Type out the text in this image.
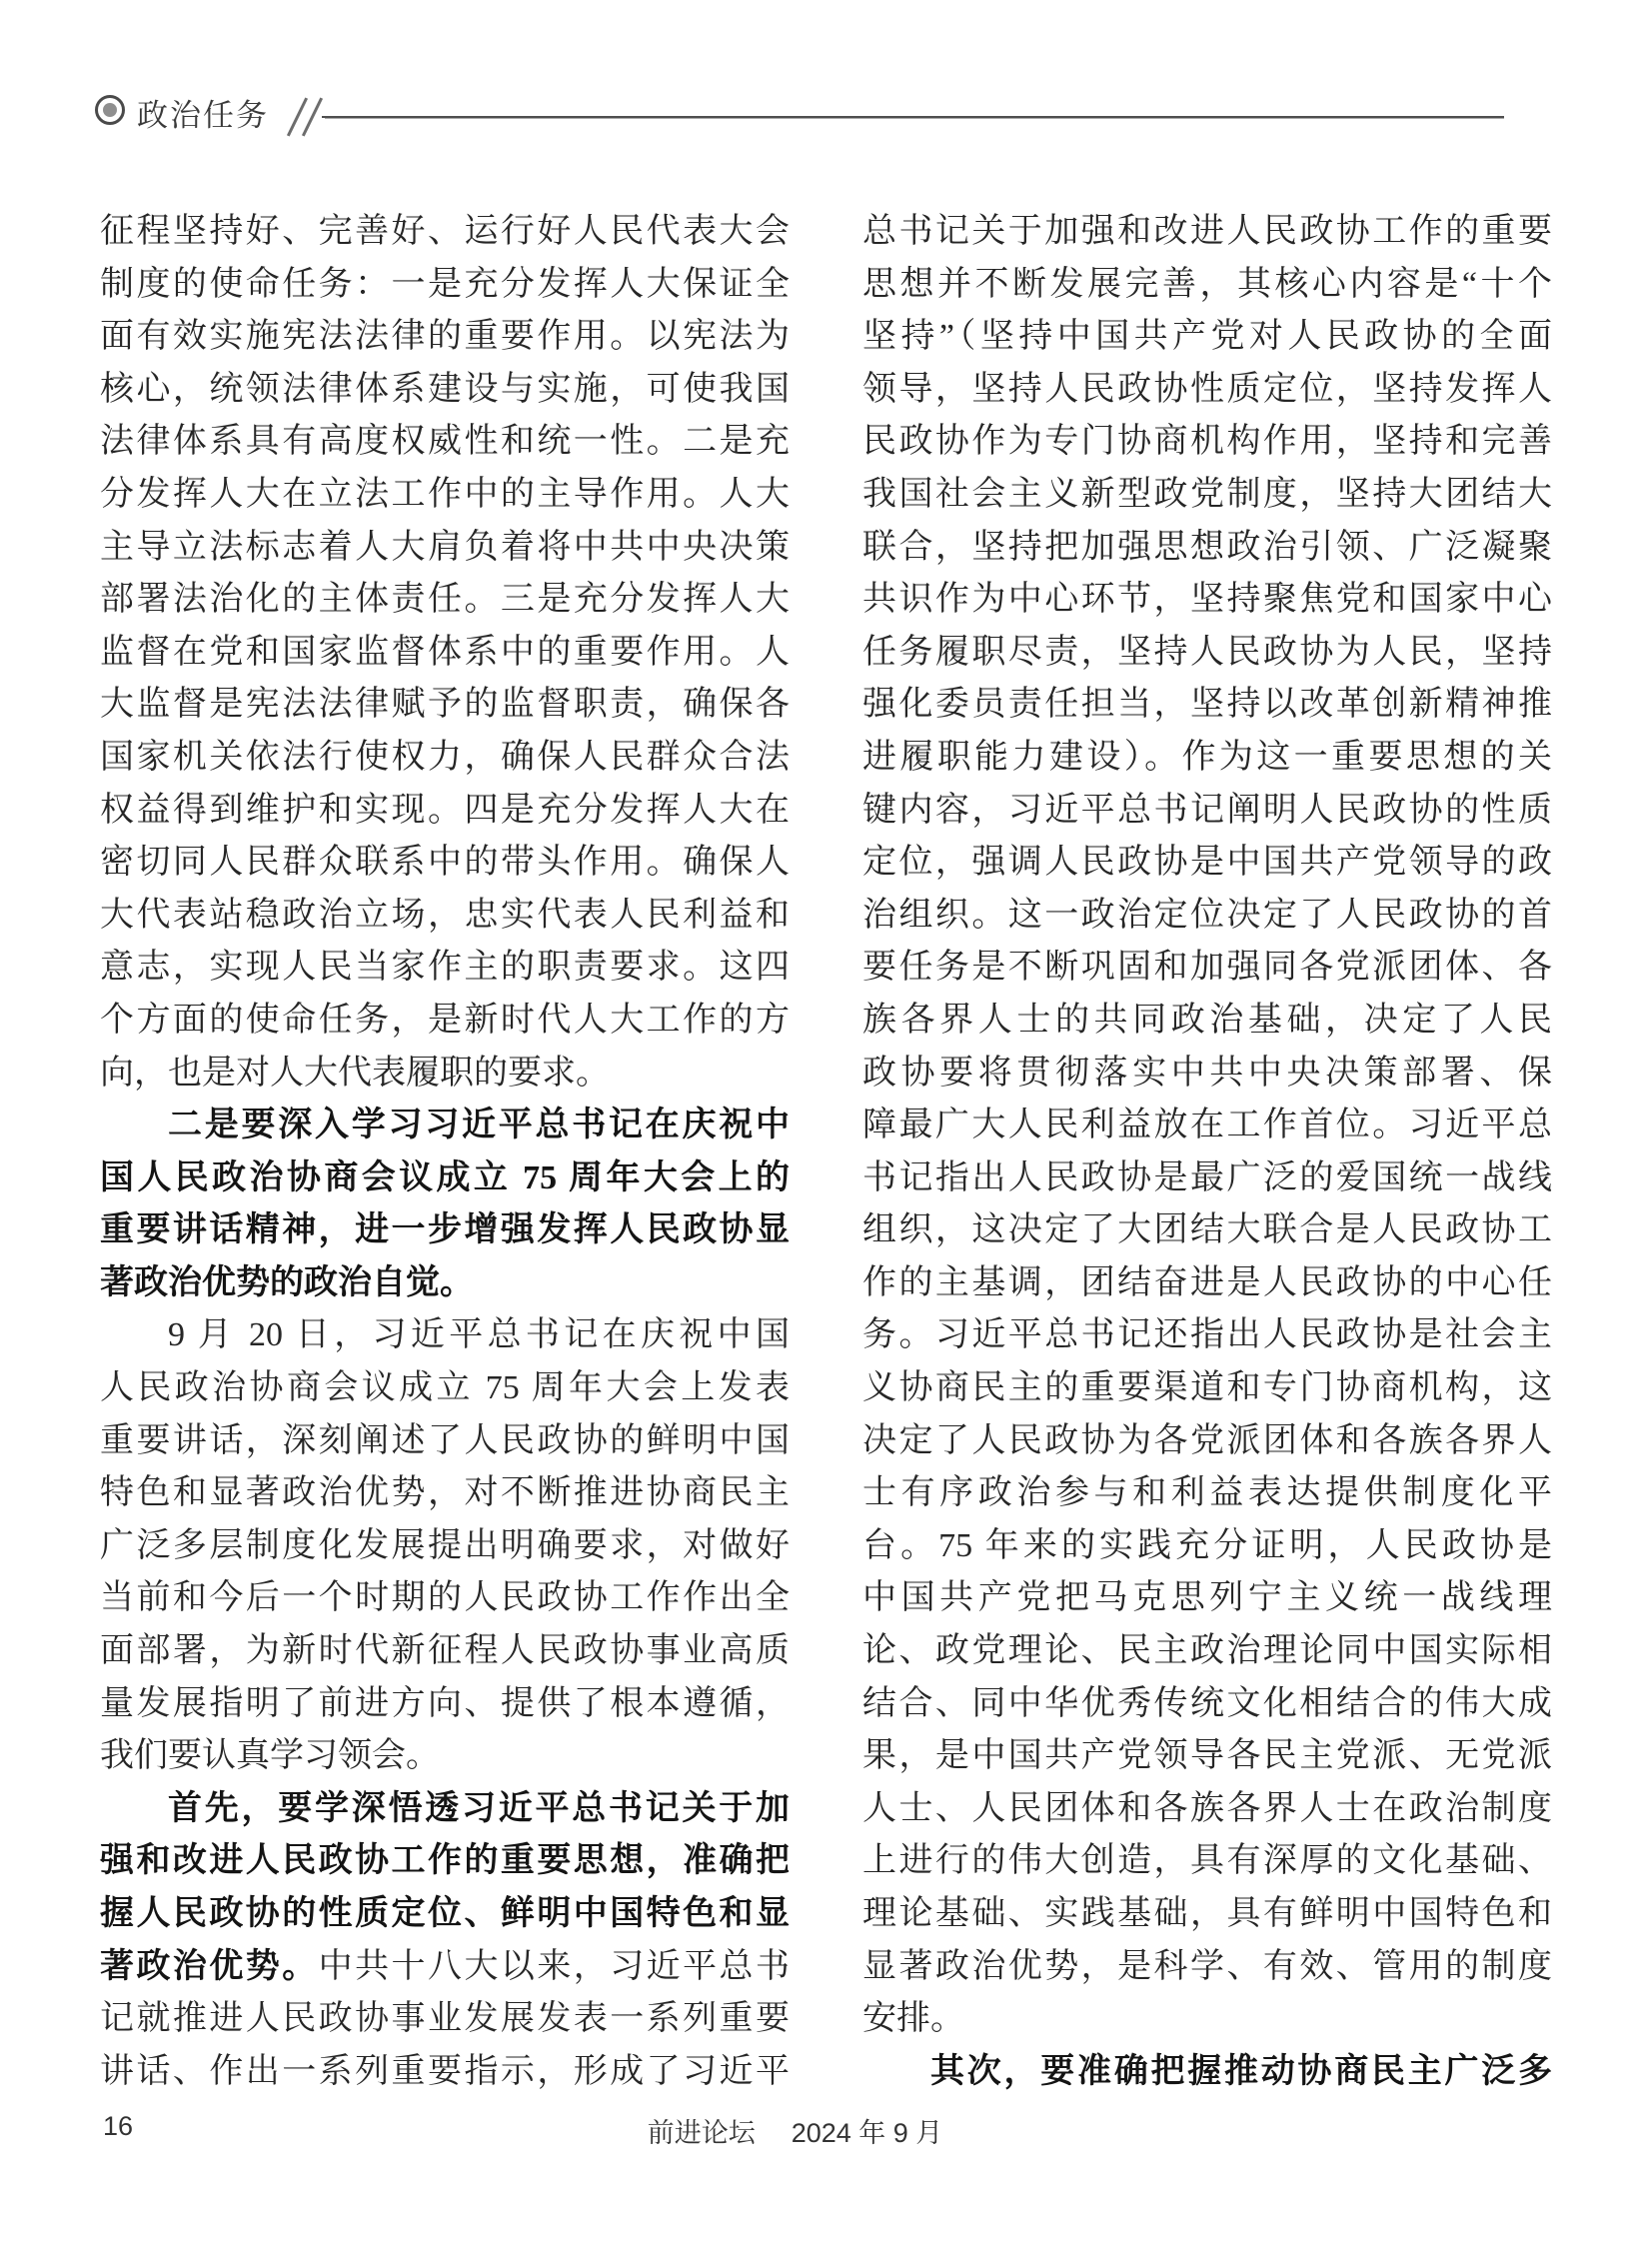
政治任务
征程坚持好、完善好、运行好人民代表大会
制度的使命任务：一是充分发挥人大保证全
面有效实施宪法法律的重要作用。以宪法为
核心，统领法律体系建设与实施，可使我国
法律体系具有高度权威性和统一性。二是充
分发挥人大在立法工作中的主导作用。人大
主导立法标志着人大肩负着将中共中央决策
部署法治化的主体责任。三是充分发挥人大
监督在党和国家监督体系中的重要作用。人
大监督是宪法法律赋予的监督职责，确保各
国家机关依法行使权力，确保人民群众合法
权益得到维护和实现。四是充分发挥人大在
密切同人民群众联系中的带头作用。确保人
大代表站稳政治立场，忠实代表人民利益和
意志，实现人民当家作主的职责要求。这四
个方面的使命任务，是新时代人大工作的方
向，也是对人大代表履职的要求。
二是要深入学习习近平总书记在庆祝中
国人民政治协商会议成立 75 周年大会上的
重要讲话精神，进一步增强发挥人民政协显
著政治优势的政治自觉。
9 月 20 日，习近平总书记在庆祝中国
人民政治协商会议成立 75 周年大会上发表
重要讲话，深刻阐述了人民政协的鲜明中国
特色和显著政治优势，对不断推进协商民主
广泛多层制度化发展提出明确要求，对做好
当前和今后一个时期的人民政协工作作出全
面部署，为新时代新征程人民政协事业高质
量发展指明了前进方向、提供了根本遵循，
我们要认真学习领会。
首先，要学深悟透习近平总书记关于加
强和改进人民政协工作的重要思想，准确把
握人民政协的性质定位、鲜明中国特色和显
著政治优势。中共十八大以来，习近平总书
记就推进人民政协事业发展发表一系列重要
讲话、作出一系列重要指示，形成了习近平
总书记关于加强和改进人民政协工作的重要
思想并不断发展完善，其核心内容是“十个
坚持”（坚持中国共产党对人民政协的全面
领导，坚持人民政协性质定位，坚持发挥人
民政协作为专门协商机构作用，坚持和完善
我国社会主义新型政党制度，坚持大团结大
联合，坚持把加强思想政治引领、广泛凝聚
共识作为中心环节，坚持聚焦党和国家中心
任务履职尽责，坚持人民政协为人民，坚持
强化委员责任担当，坚持以改革创新精神推
进履职能力建设）。作为这一重要思想的关
键内容，习近平总书记阐明人民政协的性质
定位，强调人民政协是中国共产党领导的政
治组织。这一政治定位决定了人民政协的首
要任务是不断巩固和加强同各党派团体、各
族各界人士的共同政治基础，决定了人民
政协要将贯彻落实中共中央决策部署、保
障最广大人民利益放在工作首位。习近平总
书记指出人民政协是最广泛的爱国统一战线
组织，这决定了大团结大联合是人民政协工
作的主基调，团结奋进是人民政协的中心任
务。习近平总书记还指出人民政协是社会主
义协商民主的重要渠道和专门协商机构，这
决定了人民政协为各党派团体和各族各界人
士有序政治参与和利益表达提供制度化平
台。75 年来的实践充分证明，人民政协是
中国共产党把马克思列宁主义统一战线理
论、政党理论、民主政治理论同中国实际相
结合、同中华优秀传统文化相结合的伟大成
果，是中国共产党领导各民主党派、无党派
人士、人民团体和各族各界人士在政治制度
上进行的伟大创造，具有深厚的文化基础、
理论基础、实践基础，具有鲜明中国特色和
显著政治优势，是科学、有效、管用的制度
安排。
其次，要准确把握推动协商民主广泛多
16	前进论坛 2024 年 9 月
